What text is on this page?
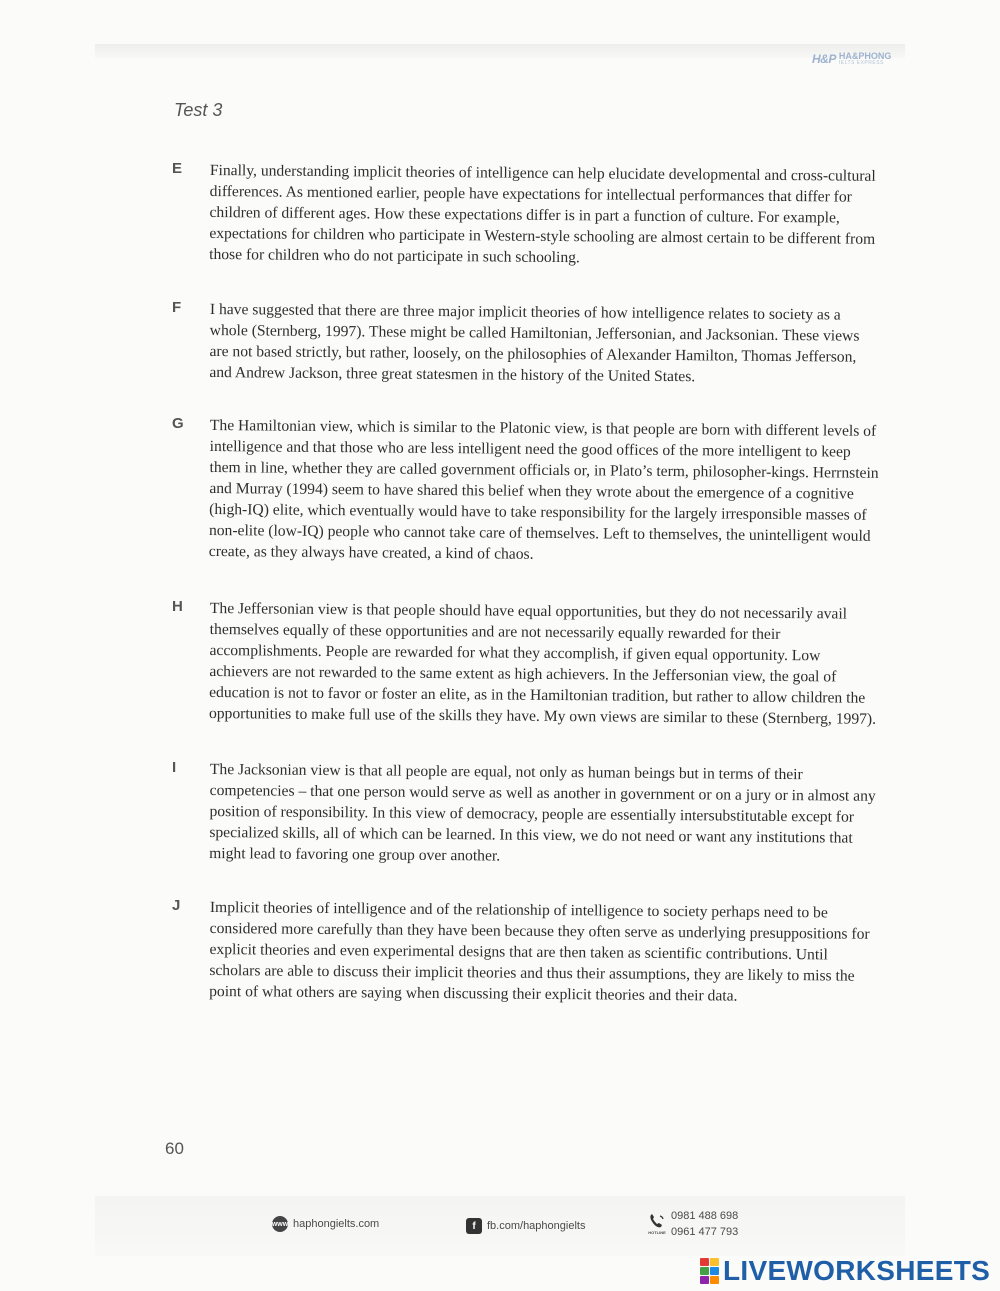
H&P HA&PHONG
IELTS EXPRESS
Test 3
E Finally, understanding implicit theories of intelligence can help elucidate developmental and cross-cultural differences. As mentioned earlier, people have expectations for intellectual performances that differ for children of different ages. How these expectations differ is in part a function of culture. For example, expectations for children who participate in Western-style schooling are almost certain to be different from those for children who do not participate in such schooling.
F I have suggested that there are three major implicit theories of how intelligence relates to society as a whole (Sternberg, 1997). These might be called Hamiltonian, Jeffersonian, and Jacksonian. These views are not based strictly, but rather, loosely, on the philosophies of Alexander Hamilton, Thomas Jefferson, and Andrew Jackson, three great statesmen in the history of the United States.
G The Hamiltonian view, which is similar to the Platonic view, is that people are born with different levels of intelligence and that those who are less intelligent need the good offices of the more intelligent to keep them in line, whether they are called government officials or, in Plato’s term, philosopher-kings. Herrnstein and Murray (1994) seem to have shared this belief when they wrote about the emergence of a cognitive (high-IQ) elite, which eventually would have to take responsibility for the largely irresponsible masses of non-elite (low-IQ) people who cannot take care of themselves. Left to themselves, the unintelligent would create, as they always have created, a kind of chaos.
H The Jeffersonian view is that people should have equal opportunities, but they do not necessarily avail themselves equally of these opportunities and are not necessarily equally rewarded for their accomplishments. People are rewarded for what they accomplish, if given equal opportunity. Low achievers are not rewarded to the same extent as high achievers. In the Jeffersonian view, the goal of education is not to favor or foster an elite, as in the Hamiltonian tradition, but rather to allow children the opportunities to make full use of the skills they have. My own views are similar to these (Sternberg, 1997).
I The Jacksonian view is that all people are equal, not only as human beings but in terms of their competencies – that one person would serve as well as another in government or on a jury or in almost any position of responsibility. In this view of democracy, people are essentially intersubstitutable except for specialized skills, all of which can be learned. In this view, we do not need or want any institutions that might lead to favoring one group over another.
J Implicit theories of intelligence and of the relationship of intelligence to society perhaps need to be considered more carefully than they have been because they often serve as underlying presuppositions for explicit theories and even experimental designs that are then taken as scientific contributions. Until scholars are able to discuss their implicit theories and thus their assumptions, they are likely to miss the point of what others are saying when discussing their explicit theories and their data.
60
www haphongielts.com	f	fb.com/haphongielts
HOTLINE
0981 488 698
0961 477 793
LIVEWORKSHEETS
